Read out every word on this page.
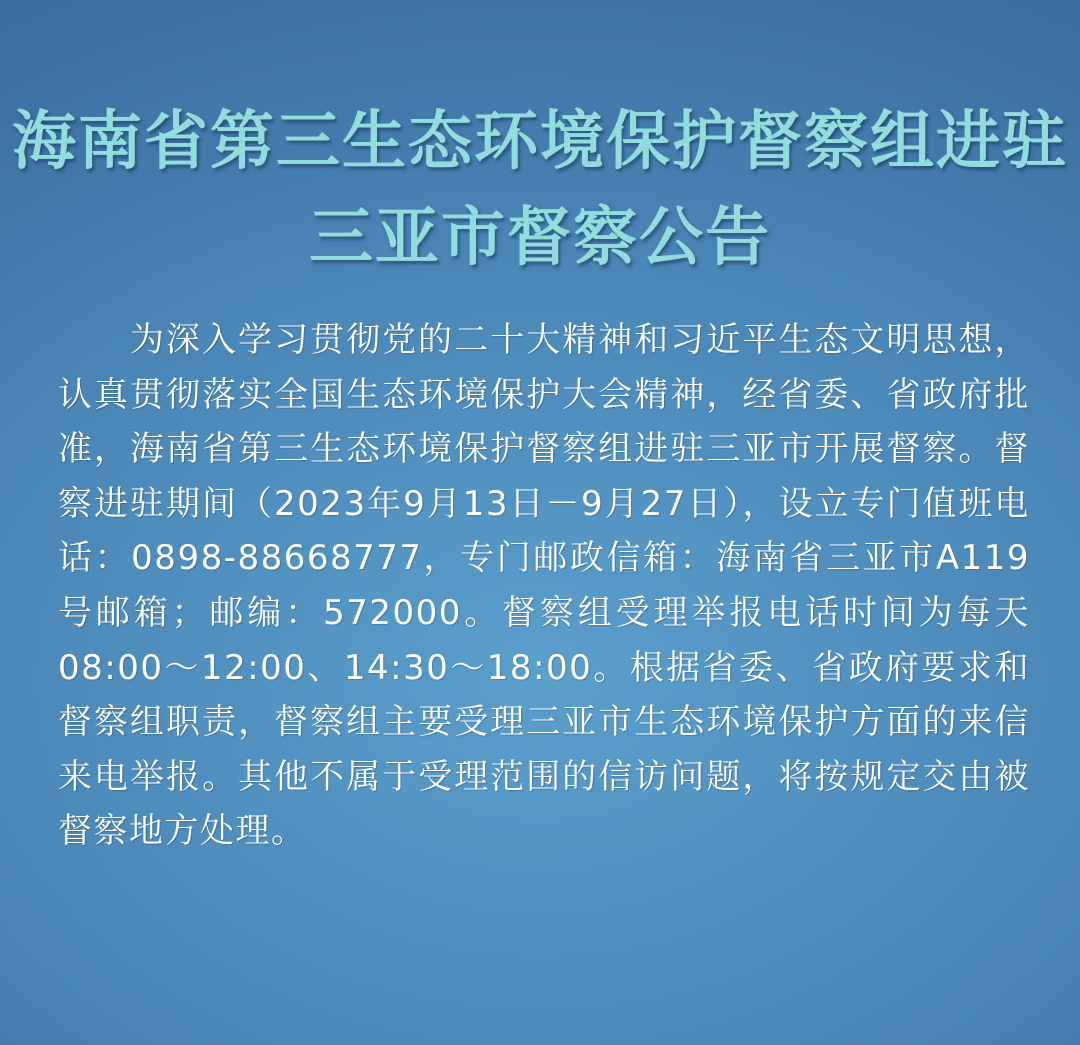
海南省第三生态环境保护督察组进驻
三亚市督察公告

为深入学习贯彻党的二十大精神和习近平生态文明思想，认真贯彻落实全国生态环境保护大会精神，经省委、省政府批准，海南省第三生态环境保护督察组进驻三亚市开展督察。督察进驻期间（2023年9月13日－9月27日），设立专门值班电话：0898-88668777，专门邮政信箱：海南省三亚市A119号邮箱；邮编：572000。督察组受理举报电话时间为每天08:00～12:00、14:30～18:00。根据省委、省政府要求和督察组职责，督察组主要受理三亚市生态环境保护方面的来信来电举报。其他不属于受理范围的信访问题，将按规定交由被督察地方处理。
